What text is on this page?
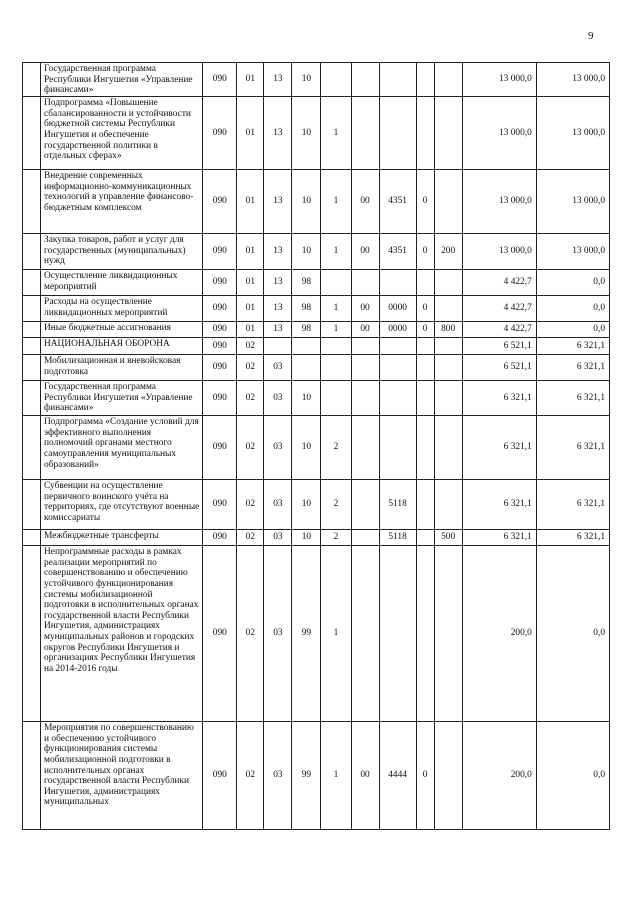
9
	Государственная программа Республики Ингушетия «Управление финансами»	090	01	13	10						13 000,0	13 000,0
	Подпрограмма «Повышение сбалансированности и устойчивости бюджетной системы Республики Ингушетия и обеспечение государственной политики в отдельных сферах»	090	01	13	10	1					13 000,0	13 000,0
	Внедрение современных информационно-коммуникационных технологий в управление финансово-бюджетным комплексом	090	01	13	10	1	00	4351	0		13 000,0	13 000,0
	Закупка товаров, работ и услуг для государственных (муниципальных) нужд	090	01	13	10	1	00	4351	0	200	13 000,0	13 000,0
	Осуществление ликвидационных мероприятий	090	01	13	98						4 422,7	0,0
	Расходы на осуществление ликвидационных мероприятий	090	01	13	98	1	00	0000	0		4 422,7	0,0
	Иные бюджетные ассигнования	090	01	13	98	1	00	0000	0	800	4 422,7	0,0
	НАЦИОНАЛЬНАЯ ОБОРОНА	090	02								6 521,1	6 321,1
	Мобилизационная и вневойсковая подготовка	090	02	03							6 521,1	6 321,1
	Государственная программа Республики Ингушетия «Управление финансами»	090	02	03	10						6 321,1	6 321,1
	Подпрограмма «Создание условий для эффективного выполнения полномочий органами местного самоуправления муниципальных образований»	090	02	03	10	2					6 321,1	6 321,1
	Субвенции на осуществление первичного воинского учёта на территориях, где отсутствуют военные комиссариаты	090	02	03	10	2		5118			6 321,1	6 321,1
	Межбюджетные трансферты	090	02	03	10	2		5118		500	6 321,1	6 321,1
	Непрограммные расходы в рамках реализации мероприятий по совершенствованию и обеспечению устойчивого функционирования системы мобилизационной подготовки в исполнительных органах государственной власти Республики Ингушетия, администрациях муниципальных районов и городских округов Республики Ингушетия и организациях Республики Ингушетия на 2014-2016 годы	090	02	03	99	1					200,0	0,0
	Мероприятия по совершенствованию и обеспечению устойчивого функционирования системы мобилизационной подготовки в исполнительных органах государственной власти Республики Ингушетия, администрациях муниципальных	090	02	03	99	1	00	4444	0		200,0	0,0
